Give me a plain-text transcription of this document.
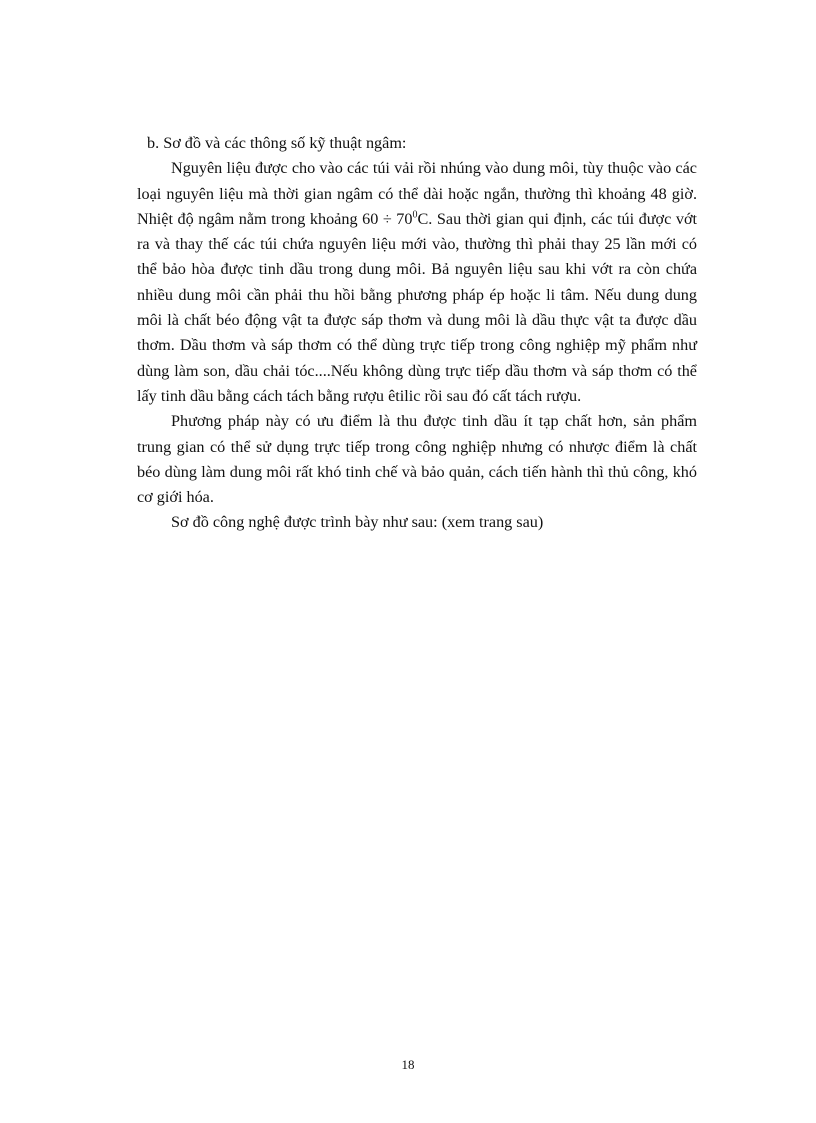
b. Sơ đồ và các thông số kỹ thuật ngâm:

Nguyên liệu được cho vào các túi vải rồi nhúng vào dung môi, tùy thuộc vào các loại nguyên liệu mà thời gian ngâm có thể dài hoặc ngắn, thường thì khoảng 48 giờ. Nhiệt độ ngâm nằm trong khoảng $60 \div 70^0C$. Sau thời gian qui định, các túi được vớt ra và thay thế các túi chứa nguyên liệu mới vào, thường thì phải thay 25 lần mới có thể bảo hòa được tinh dầu trong dung môi. Bả nguyên liệu sau khi vớt ra còn chứa nhiều dung môi cần phải thu hồi bằng phương pháp ép hoặc li tâm. Nếu dung dung môi là chất béo động vật ta được sáp thơm và dung môi là dầu thực vật ta được dầu thơm. Dầu thơm và sáp thơm có thể dùng trực tiếp trong công nghiệp mỹ phẩm như dùng làm son, dầu chải tóc....Nếu không dùng trực tiếp dầu thơm và sáp thơm có thể lấy tinh dầu bằng cách tách bằng rượu êtilic rồi sau đó cất tách rượu.

Phương pháp này có ưu điểm là thu được tinh dầu ít tạp chất hơn, sản phẩm trung gian có thể sử dụng trực tiếp trong công nghiệp nhưng có nhược điểm là chất béo dùng làm dung môi rất khó tinh chế và bảo quản, cách tiến hành thì thủ công, khó cơ giới hóa.

Sơ đồ công nghệ được trình bày như sau: (xem trang sau)

18
